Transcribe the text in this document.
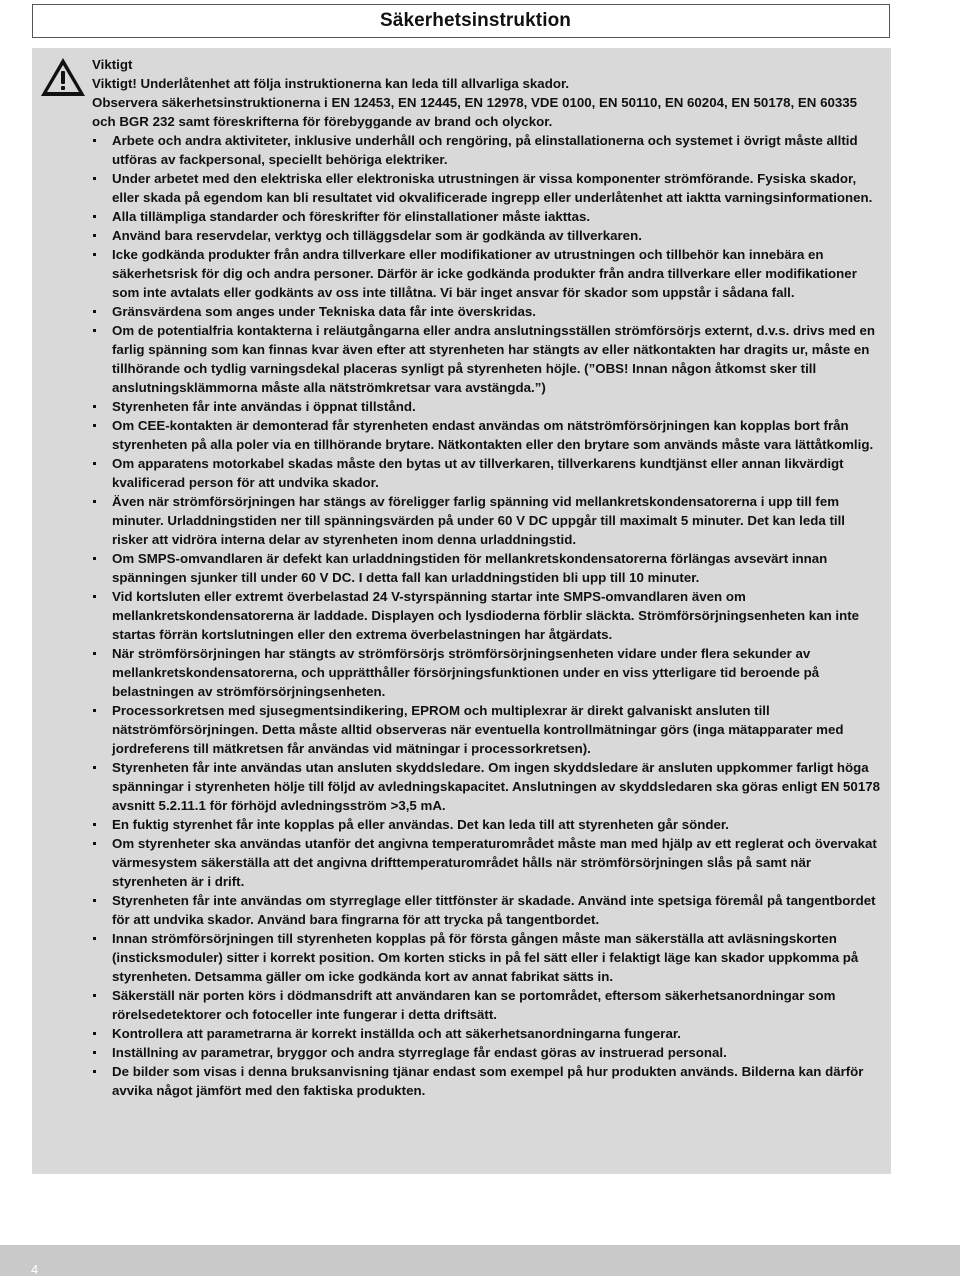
Säkerhetsinstruktion

Viktigt

Viktigt! Underlåtenhet att följa instruktionerna kan leda till allvarliga skador.

Observera säkerhetsinstruktionerna i EN 12453, EN 12445, EN 12978, VDE 0100, EN 50110, EN 60204, EN 50178, EN 60335 och BGR 232 samt föreskrifterna för förebyggande av brand och olyckor.

Arbete och andra aktiviteter, inklusive underhåll och rengöring, på elinstallationerna och systemet i övrigt måste alltid utföras av fackpersonal, speciellt behöriga elektriker.
Under arbetet med den elektriska eller elektroniska utrustningen är vissa komponenter strömförande. Fysiska skador, eller skada på egendom kan bli resultatet vid okvalificerade ingrepp eller underlåtenhet att iaktta varningsinformationen.
Alla tillämpliga standarder och föreskrifter för elinstallationer måste iakttas.
Använd bara reservdelar, verktyg och tilläggsdelar som är godkända av tillverkaren.
Icke godkända produkter från andra tillverkare eller modifikationer av utrustningen och tillbehör kan innebära en säkerhetsrisk för dig och andra personer. Därför är icke godkända produkter från andra tillverkare eller modifikationer som inte avtalats eller godkänts av oss inte tillåtna. Vi bär inget ansvar för skador som uppstår i sådana fall.
Gränsvärdena som anges under Tekniska data får inte överskridas.
Om de potentialfria kontakterna i reläutgångarna eller andra anslutningsställen strömförsörjs externt, d.v.s. drivs med en farlig spänning som kan finnas kvar även efter att styrenheten har stängts av eller nätkontakten har dragits ur, måste en tillhörande och tydlig varningsdekal placeras synligt på styrenheten höjle. (”OBS! Innan någon åtkomst sker till anslutningsklämmorna måste alla nätströmkretsar vara avstängda.”)
Styrenheten får inte användas i öppnat tillstånd.
Om CEE-kontakten är demonterad får styrenheten endast användas om nätströmförsörjningen kan kopplas bort från styrenheten på alla poler via en tillhörande brytare. Nätkontakten eller den brytare som används måste vara lättåtkomlig.
Om apparatens motorkabel skadas måste den bytas ut av tillverkaren, tillverkarens kundtjänst eller annan likvärdigt kvalificerad person för att undvika skador.
Även när strömförsörjningen har stängs av föreligger farlig spänning vid mellankretskondensatorerna i upp till fem minuter. Urladdningstiden ner till spänningsvärden på under 60 V DC uppgår till maximalt 5 minuter. Det kan leda till risker att vidröra interna delar av styrenheten inom denna urladdningstid.
Om SMPS-omvandlaren är defekt kan urladdningstiden för mellankretskondensatorerna förlängas avsevärt innan spänningen sjunker till under 60 V DC. I detta fall kan urladdningstiden bli upp till 10 minuter.
Vid kortsluten eller extremt överbelastad 24 V-styrspänning startar inte SMPS-omvandlaren även om mellankretskondensatorerna är laddade. Displayen och lysdioderna förblir släckta. Strömförsörjningsenheten kan inte startas förrän kortslutningen eller den extrema överbelastningen har åtgärdats.
När strömförsörjningen har stängts av strömförsörjs strömförsörjningsenheten vidare under flera sekunder av mellankretskondensatorerna, och upprätthåller försörjningsfunktionen under en viss ytterligare tid beroende på belastningen av strömförsörjningsenheten.
Processorkretsen med sjusegmentsindikering, EPROM och multiplexrar är direkt galvaniskt ansluten till nätströmförsörjningen. Detta måste alltid observeras när eventuella kontrollmätningar görs (inga mätapparater med jordreferens till mätkretsen får användas vid mätningar i processorkretsen).
Styrenheten får inte användas utan ansluten skyddsledare. Om ingen skyddsledare är ansluten uppkommer farligt höga spänningar i styrenheten höljе till följd av avledningskapacitet. Anslutningen av skyddsledaren ska göras enligt EN 50178 avsnitt 5.2.11.1 för förhöjd avledningsström >3,5 mA.
En fuktig styrenhet får inte kopplas på eller användas. Det kan leda till att styrenheten går sönder.
Om styrenheter ska användas utanför det angivna temperaturområdet måste man med hjälp av ett reglerat och övervakat värmesystem säkerställa att det angivna drifttemperaturområdet hålls när strömförsörjningen slås på samt när styrenheten är i drift.
Styrenheten får inte användas om styrreglage eller tittfönster är skadade. Använd inte spetsiga föremål på tangentbordet för att undvika skador. Använd bara fingrarna för att trycka på tangentbordet.
Innan strömförsörjningen till styrenheten kopplas på för första gången måste man säkerställa att avläsningskorten (insticksmoduler) sitter i korrekt position. Om korten sticks in på fel sätt eller i felaktigt läge kan skador uppkomma på styrenheten. Detsamma gäller om icke godkända kort av annat fabrikat sätts in.
Säkerställ när porten körs i dödmansdrift att användaren kan se portområdet, eftersom säkerhetsanordningar som rörelsedetektorer och fotoceller inte fungerar i detta driftsätt.
Kontrollera att parametrarna är korrekt inställda och att säkerhetsanordningarna fungerar.
Inställning av parametrar, bryggor och andra styrreglage får endast göras av instruerad personal.
De bilder som visas i denna bruksanvisning tjänar endast som exempel på hur produkten används. Bilderna kan därför avvika något jämfört med den faktiska produkten.
4
